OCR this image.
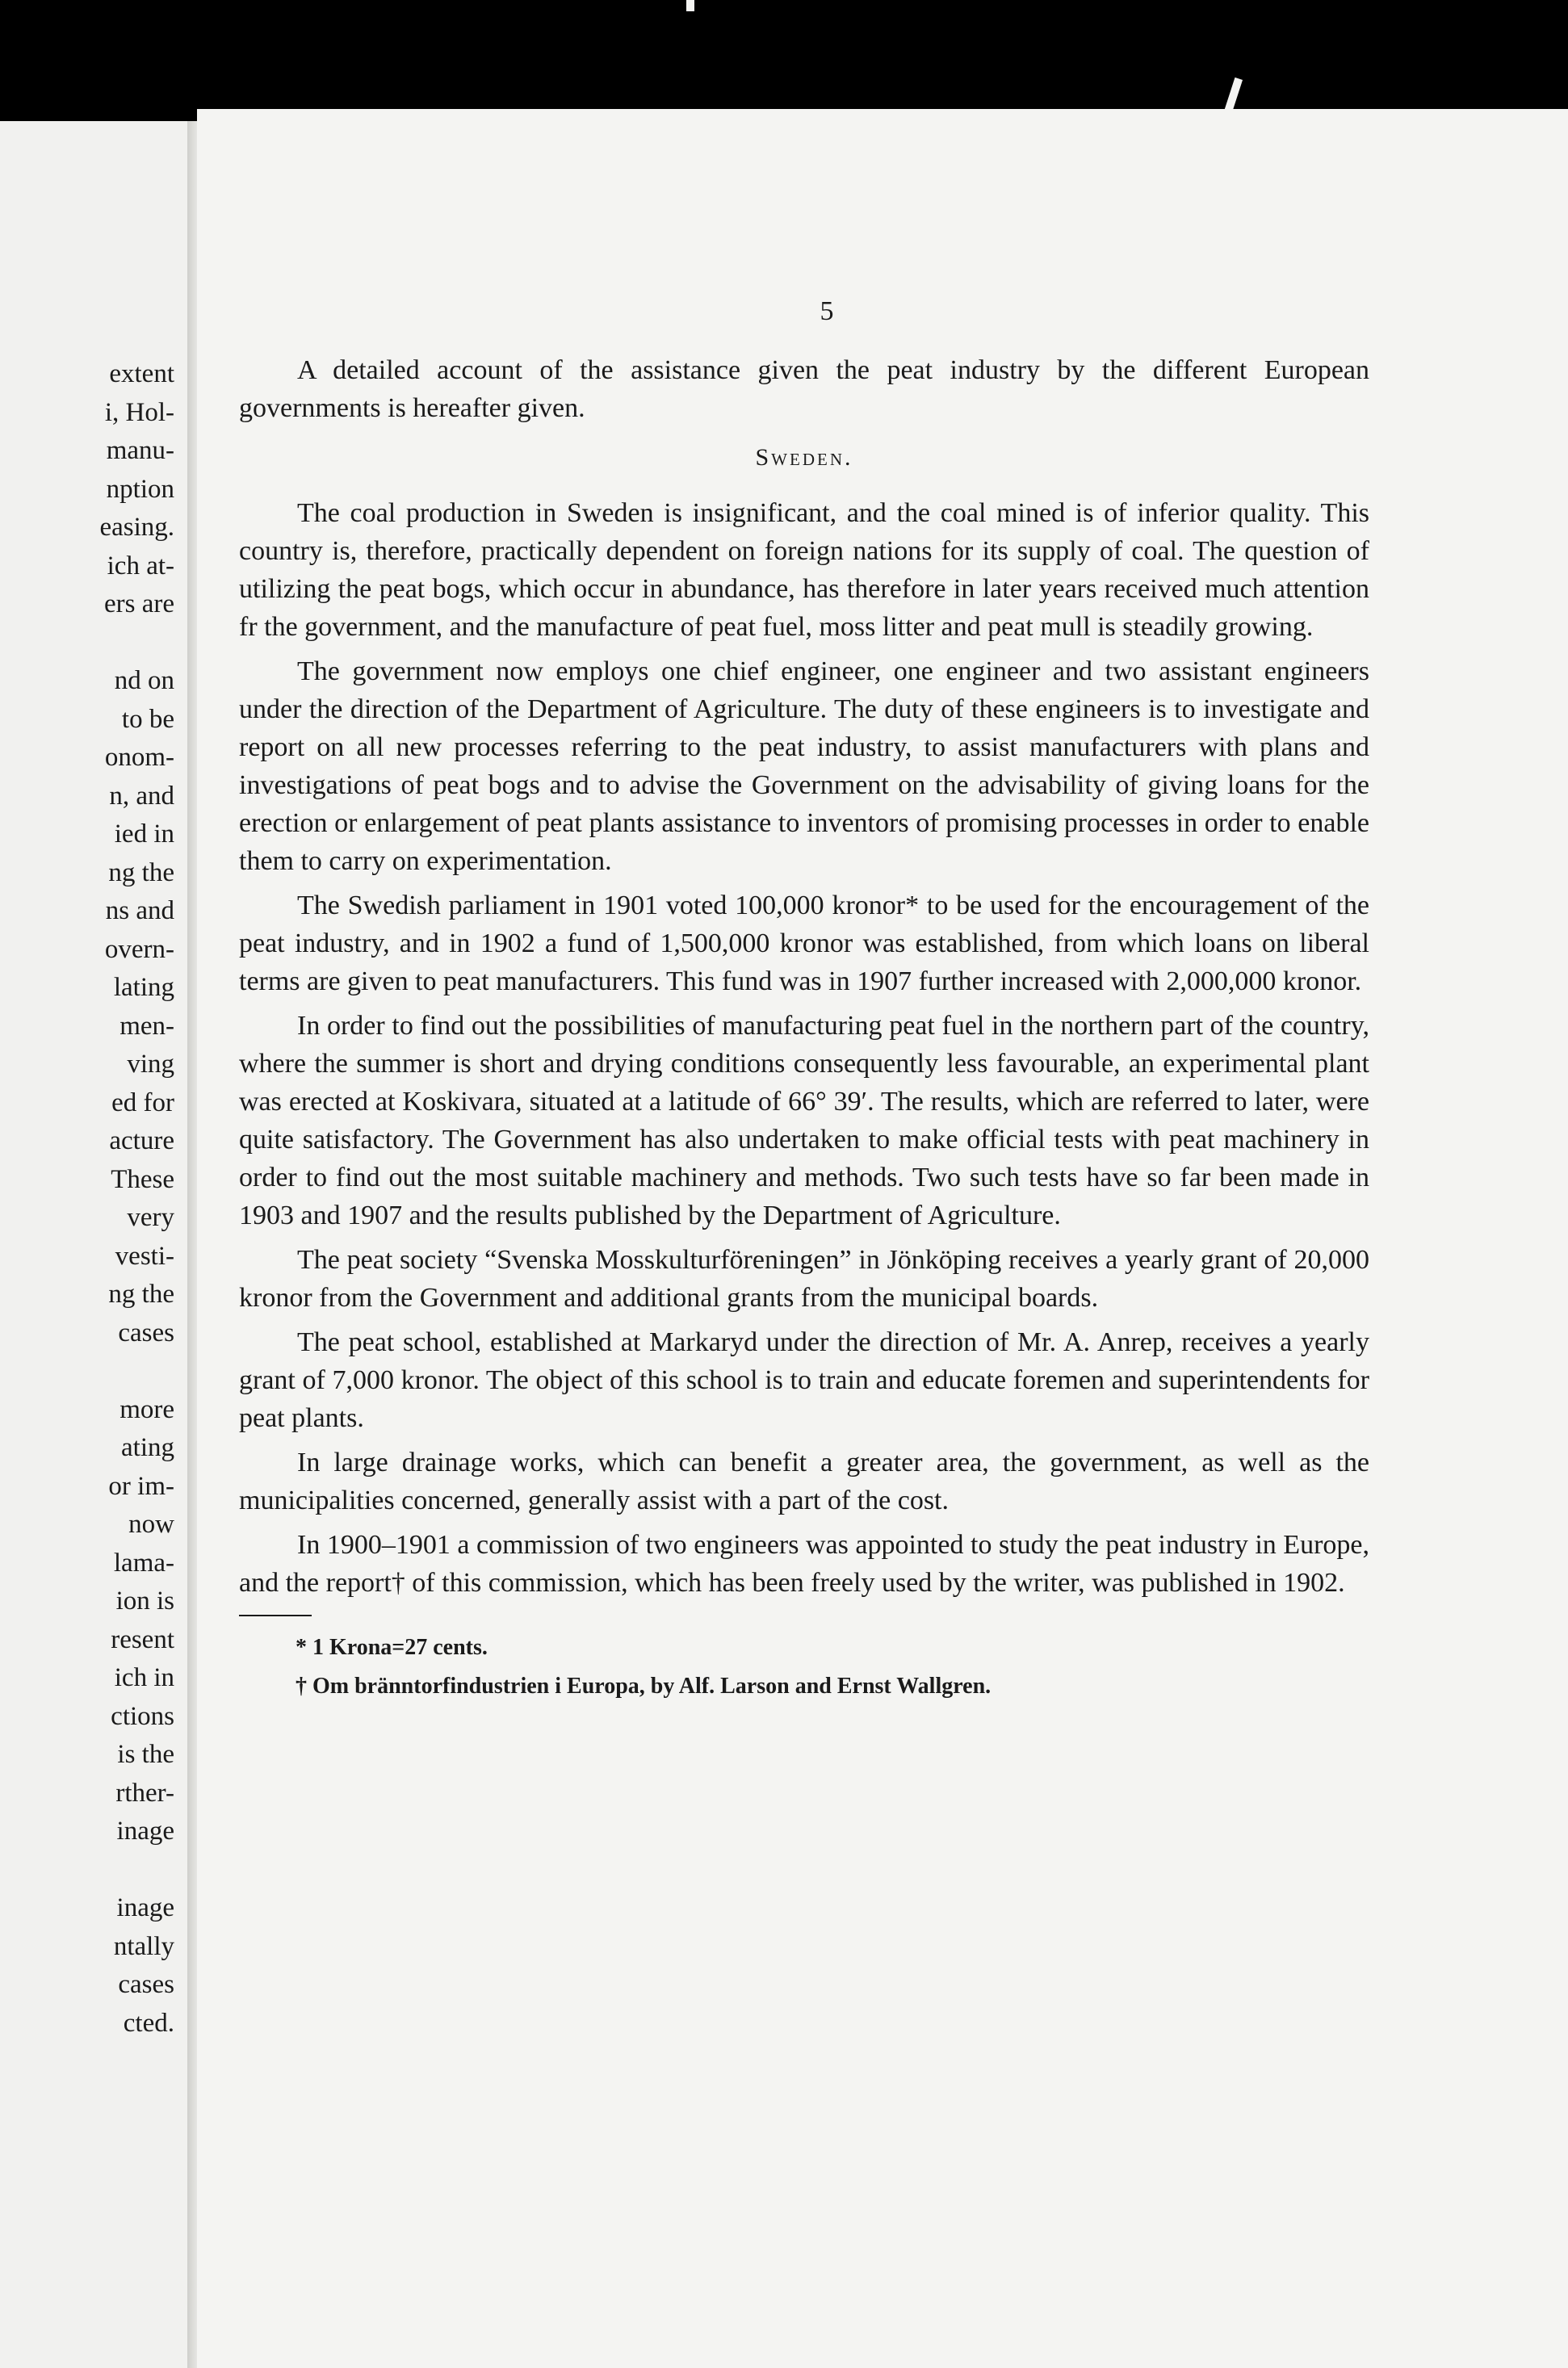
extent
i, Hol-
manu-
nption
easing.
ich at-
ers are
nd on
to be
onom-
n, and
ied in
ng the
ns and
overn-
lating
men-
ving
ed for
acture
These
very
vesti-
ng the
cases
more
ating
or im-
now
lama-
ion is
resent
ich in
ctions
is the
rther-
inage
inage
ntally
cases
cted.
5

A detailed account of the assistance given the peat industry by the different European governments is hereafter given.

Sweden.

The coal production in Sweden is insignificant, and the coal mined is of inferior quality. This country is, therefore, practically dependent on foreign nations for its supply of coal. The question of utilizing the peat bogs, which occur in abundance, has therefore in later years received much attention fr the government, and the manufacture of peat fuel, moss litter and peat mull is steadily growing.

The government now employs one chief engineer, one engineer and two assistant engineers under the direction of the Department of Agriculture. The duty of these engineers is to investigate and report on all new processes referring to the peat industry, to assist manufacturers with plans and investigations of peat bogs and to advise the Government on the advisability of giving loans for the erection or enlargement of peat plants assistance to inventors of promising processes in order to enable them to carry on experimentation.

The Swedish parliament in 1901 voted 100,000 kronor* to be used for the encouragement of the peat industry, and in 1902 a fund of 1,500,000 kronor was established, from which loans on liberal terms are given to peat manufacturers. This fund was in 1907 further increased with 2,000,000 kronor.

In order to find out the possibilities of manufacturing peat fuel in the northern part of the country, where the summer is short and drying conditions consequently less favourable, an experimental plant was erected at Koskivara, situated at a latitude of 66° 39′. The results, which are referred to later, were quite satisfactory. The Government has also undertaken to make official tests with peat machinery in order to find out the most suitable machinery and methods. Two such tests have so far been made in 1903 and 1907 and the results published by the Department of Agriculture.

The peat society “Svenska Mosskulturföreningen” in Jönköping receives a yearly grant of 20,000 kronor from the Government and additional grants from the municipal boards.

The peat school, established at Markaryd under the direction of Mr. A. Anrep, receives a yearly grant of 7,000 kronor. The object of this school is to train and educate foremen and superintendents for peat plants.

In large drainage works, which can benefit a greater area, the government, as well as the municipalities concerned, generally assist with a part of the cost.

In 1900–1901 a commission of two engineers was appointed to study the peat industry in Europe, and the report† of this commission, which has been freely used by the writer, was published in 1902.

* 1 Krona=27 cents.
† Om bränntorfindustrien i Europa, by Alf. Larson and Ernst Wallgren.
